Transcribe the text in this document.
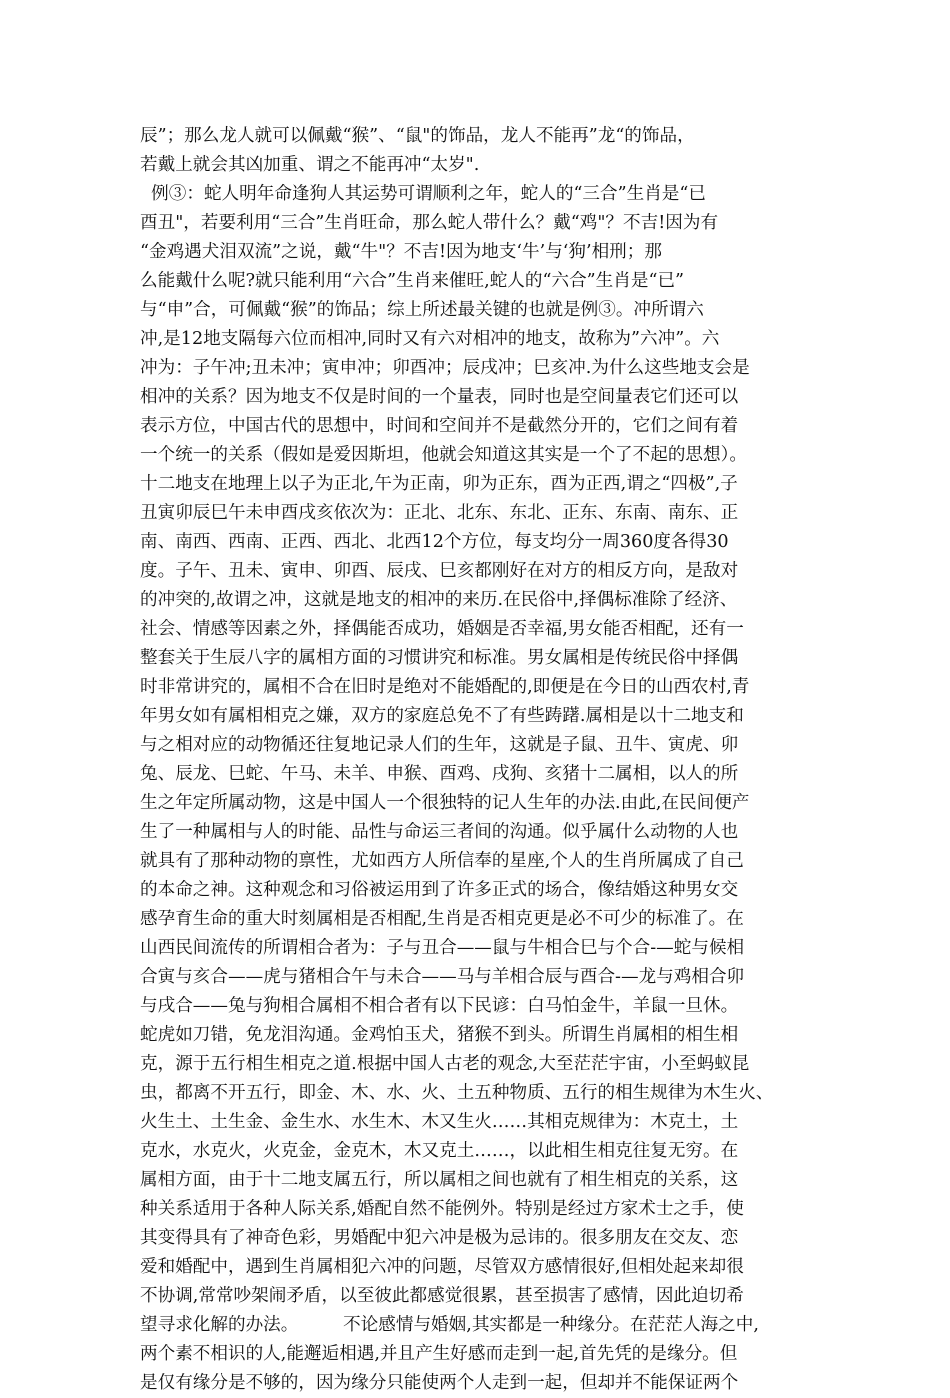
辰”；那么龙人就可以佩戴“猴”、“鼠"的饰品，龙人不能再”龙“的饰品，
若戴上就会其凶加重、谓之不能再冲“太岁".
例③：蛇人明年命逢狗人其运势可谓顺利之年，蛇人的“三合”生肖是“已
酉丑"，若要利用“三合”生肖旺命，那么蛇人带什么？戴“鸡"？不吉!因为有
“金鸡遇犬泪双流”之说，戴“牛"？不吉!因为地支‘牛’与‘狗’相刑；那
么能戴什么呢?就只能利用“六合”生肖来催旺,蛇人的“六合”生肖是“已”
与“申”合，可佩戴“猴”的饰品；综上所述最关键的也就是例③。冲所谓六
冲,是12地支隔每六位而相冲,同时又有六对相冲的地支，故称为”六冲”。六
冲为：子午冲;丑未冲；寅申冲；卯酉冲；辰戌冲；巳亥冲.为什么这些地支会是
相冲的关系？因为地支不仅是时间的一个量表，同时也是空间量表它们还可以
表示方位，中国古代的思想中，时间和空间并不是截然分开的，它们之间有着
一个统一的关系（假如是爱因斯坦，他就会知道这其实是一个了不起的思想）。
十二地支在地理上以子为正北,午为正南，卯为正东，酉为正西,谓之“四极”,子
丑寅卯辰巳午未申酉戌亥依次为：正北、北东、东北、正东、东南、南东、正
南、南西、西南、正西、西北、北西12个方位，每支均分一周360度各得30
度。子午、丑未、寅申、卯酉、辰戌、巳亥都刚好在对方的相反方向，是敌对
的冲突的,故谓之冲，这就是地支的相冲的来历.在民俗中,择偶标准除了经济、
社会、情感等因素之外，择偶能否成功，婚姻是否幸福,男女能否相配，还有一
整套关于生辰八字的属相方面的习惯讲究和标准。男女属相是传统民俗中择偶
时非常讲究的，属相不合在旧时是绝对不能婚配的,即便是在今日的山西农村,青
年男女如有属相相克之嫌，双方的家庭总免不了有些踌躇.属相是以十二地支和
与之相对应的动物循还往复地记录人们的生年，这就是子鼠、丑牛、寅虎、卯
兔、辰龙、巳蛇、午马、未羊、申猴、酉鸡、戌狗、亥猪十二属相，以人的所
生之年定所属动物，这是中国人一个很独特的记人生年的办法.由此,在民间便产
生了一种属相与人的时能、品性与命运三者间的沟通。似乎属什么动物的人也
就具有了那种动物的禀性，尤如西方人所信奉的星座,个人的生肖所属成了自己
的本命之神。这种观念和习俗被运用到了许多正式的场合，像结婚这种男女交
感孕育生命的重大时刻属相是否相配,生肖是否相克更是必不可少的标准了。在
山西民间流传的所谓相合者为：子与丑合——鼠与牛相合巳与个合-—蛇与候相
合寅与亥合——虎与猪相合午与未合——马与羊相合辰与酉合-—龙与鸡相合卯
与戌合——兔与狗相合属相不相合者有以下民谚：白马怕金牛，羊鼠一旦休。
蛇虎如刀错，免龙泪沟通。金鸡怕玉犬，猪猴不到头。所谓生肖属相的相生相
克，源于五行相生相克之道.根据中国人古老的观念,大至茫茫宇宙，小至蚂蚁昆
虫，都离不开五行，即金、木、水、火、土五种物质、五行的相生规律为木生火、
火生土、土生金、金生水、水生木、木又生火……其相克规律为：木克土，土
克水，水克火，火克金，金克木，木又克土……，以此相生相克往复无穷。在
属相方面，由于十二地支属五行，所以属相之间也就有了相生相克的关系，这
种关系适用于各种人际关系,婚配自然不能例外。特别是经过方家术士之手，使
其变得具有了神奇色彩，男婚配中犯六冲是极为忌讳的。很多朋友在交友、恋
爱和婚配中，遇到生肖属相犯六冲的问题，尽管双方感情很好,但相处起来却很
不协调,常常吵架闹矛盾，以至彼此都感觉很累，甚至损害了感情，因此迫切希
望寻求化解的办法。        不论感情与婚姻,其实都是一种缘分。在茫茫人海之中,
两个素不相识的人,能邂逅相遇,并且产生好感而走到一起,首先凭的是缘分。但
是仅有缘分是不够的，因为缘分只能使两个人走到一起，但却并不能保证两个
